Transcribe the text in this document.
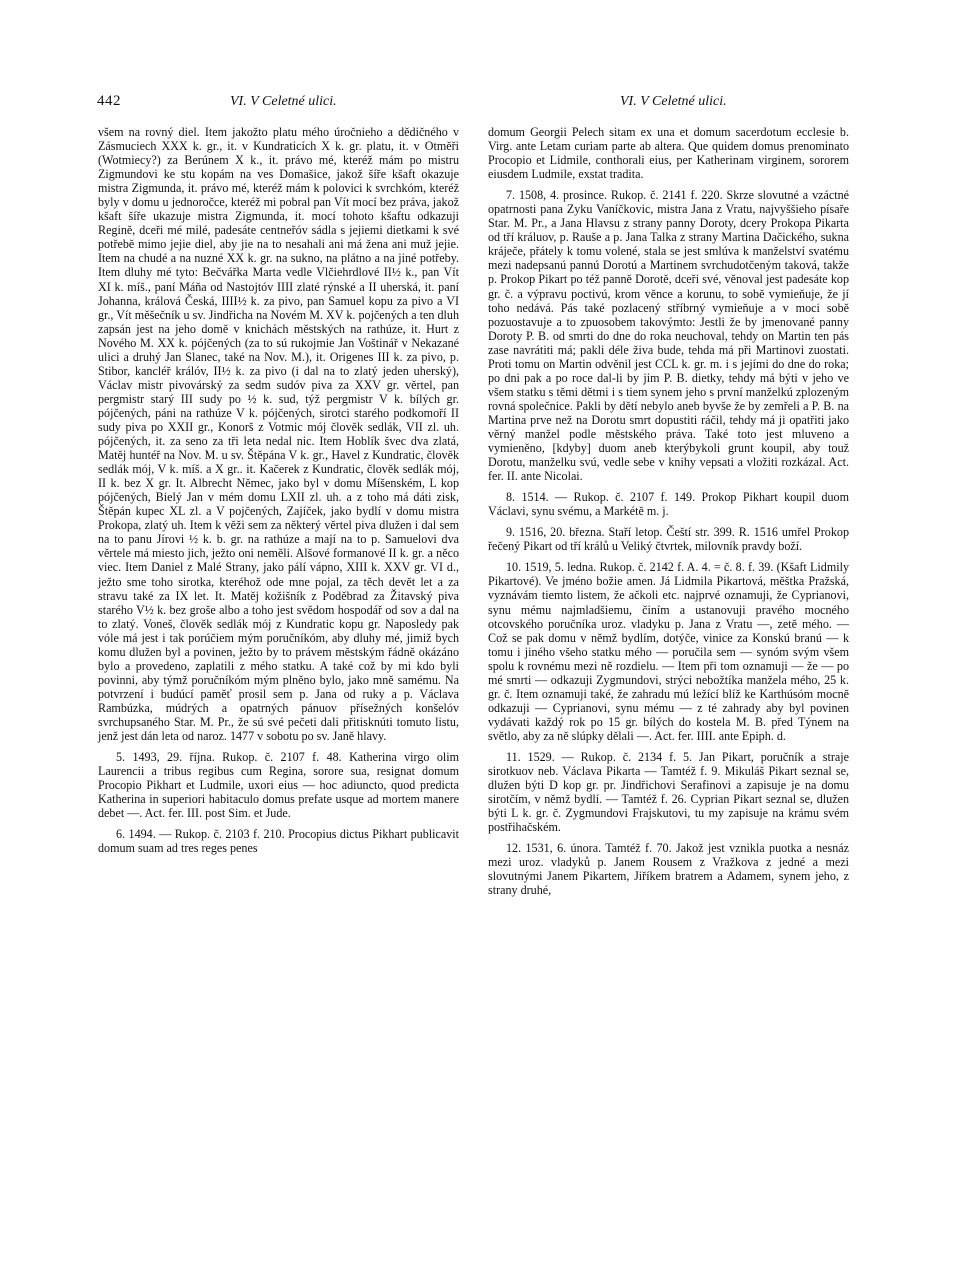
442	VI. V Celetné ulici.	VI. V Celetné ulici.

všem na rovný diel. Item jakožto platu mého úročnieho a dědičného v Zásmuciech XXX k. gr., it. v Kundraticích X k. gr. platu, it. v Otměři (Wotmiecy?) za Berúnem X k., it. právo mé, kteréž mám po mistru Zigmundovi ke stu kopám na ves Domašice, jakož šíře kšaft okazuje mistra Zigmunda, it. právo mé, kteréž mám k polovici k svrchkóm, kteréž byly v domu u jednoročce, kteréž mi pobral pan Vít mocí bez práva, jakož kšaft šíře ukazuje mistra Zigmunda, it. mocí tohoto kšaftu odkazuji Regině, dceři mé milé, padesáte centneřóv sádla s jejiemi dietkami k své potřebě mimo jejie diel, aby jie na to nesahali ani má žena ani muž jejie. Item na chudé a na nuzné XX k. gr. na sukno, na plátno a na jiné potřeby. Item dluhy mé tyto: Bečvářka Marta vedle Vlčiehrdlové II½ k., pan Vít XI k. míš., paní Máňa od Nastojtóv IIII zlaté rýnské a II uherská, it. paní Johanna, králová Česká, IIII½ k. za pivo, pan Samuel kopu za pivo a VI gr., Vít měšečník u sv. Jindřicha na Novém M. XV k. pojčených a ten dluh zapsán jest na jeho domě v knichách městských na rathúze, it. Hurt z Nového M. XX k. pójčených (za to sú rukojmie Jan Voštinář v Nekazané ulici a druhý Jan Slanec, také na Nov. M.), it. Origenes III k. za pivo, p. Stibor, kancléř králóv, II½ k. za pivo (i dal na to zlatý jeden uherský), Václav mistr pivovárský za sedm sudóv piva za XXV gr. věrtel, pan pergmistr starý III sudy po ½ k. sud, týž pergmistr V k. bílých gr. pójčených, páni na rathúze V k. pójčených, sirotci starého podkomoří II sudy piva po XXII gr., Konorš z Votmic mój člověk sedlák, VII zl. uh. pójčených, it. za seno za tři leta nedal nic. Item Hoblík švec dva zlatá, Matěj huntéř na Nov. M. u sv. Štěpána V k. gr., Havel z Kundratic, člověk sedlák mój, V k. míš. a X gr.. it. Kačerek z Kundratic, člověk sedlák mój, II k. bez X gr. It. Albrecht Němec, jako byl v domu Míšenském, L kop pójčených, Bielý Jan v mém domu LXII zl. uh. a z toho má dáti zisk, Štěpán kupec XL zl. a V pojčených, Zajíček, jako bydlí v domu mistra Prokopa, zlatý uh. Item k věži sem za některý věrtel piva dlužen i dal sem na to panu Jírovi ½ k. b. gr. na rathúze a mají na to p. Samuelovi dva věrtele má miesto jich, ježto oni neměli. Alšové formanové II k. gr. a něco viec. Item Daniel z Malé Strany, jako pálí vápno, XIII k. XXV gr. VI d., ježto sme toho sirotka, kteréhož ode mne pojal, za těch devět let a za stravu také za IX let. It. Matěj kožišník z Poděbrad za Žitavský piva starého V½ k. bez groše albo a toho jest svědom hospodář od sov a dal na to zlatý. Voneš, člověk sedlák mój z Kundratic kopu gr. Naposledy pak vóle má jest i tak porúčiem mým poručníkóm, aby dluhy mé, jimiž bych komu dlužen byl a povinen, ježto by to právem městským řádně okázáno bylo a provedeno, zaplatili z mého statku. A také což by mi kdo byli povinni, aby týmž poručníkóm mým plněno bylo, jako mně samému. Na potvrzení i budúcí paměť prosil sem p. Jana od ruky a p. Václava Rambúzka, múdrých a opatrných pánuov přísežných konšelóv svrchupsaného Star. M. Pr., že sú své pečeti dali přitisknúti tomuto listu, jenž jest dán leta od naroz. 1477 v sobotu po sv. Janě hlavy.

5. 1493, 29. října. Rukop. č. 2107 f. 48. Katherina virgo olim Laurencii a tribus regibus cum Regina, sorore sua, resignat domum Procopio Pikhart et Ludmile, uxori eius — hoc adiuncto, quod predicta Katherina in superiori habitaculo domus prefate usque ad mortem manere debet —. Act. fer. III. post Sim. et Jude.

6. 1494. — Rukop. č. 2103 f. 210. Procopius dictus Pikhart publicavit domum suam ad tres reges penes

domum Georgii Pelech sitam ex una et domum sacerdotum ecclesie b. Virg. ante Letam curiam parte ab altera. Que quidem domus prenominato Procopio et Lidmile, conthorali eius, per Katherinam virginem, sororem eiusdem Ludmile, exstat tradita.

7. 1508, 4. prosince. Rukop. č. 2141 f. 220. Skrze slovutné a vzáctné opatrnosti pana Zyku Vaníčkovic, mistra Jana z Vratu, najvyššieho písaře Star. M. Pr., a Jana Hlavsu z strany panny Doroty, dcery Prokopa Pikarta od tří králuov, p. Rauše a p. Jana Talka z strany Martina Dačického, sukna kráječe, přátely k tomu volené, stala se jest smlúva k manželství svatému mezi nadepsanú pannú Dorotú a Martinem svrchudotčeným taková, takže p. Prokop Pikart po též panně Dorotě, dceři své, věnoval jest padesáte kop gr. č. a výpravu poctivú, krom věnce a korunu, to sobě vymieňuje, že jí toho nedává. Pás také pozlacený stříbrný vymieňuje a v moci sobě pozuostavuje a to zpuosobem takovýmto: Jestli že by jmenované panny Doroty P. B. od smrti do dne do roka neuchoval, tehdy on Martin ten pás zase navrátiti má; pakli déle živa bude, tehda má při Martinovi zuostati. Proti tomu on Martin odvěnil jest CCL k. gr. m. i s jejími do dne do roka; po dni pak a po roce dal-li by jim P. B. dietky, tehdy má býti v jeho ve všem statku s těmi dětmi i s tiem synem jeho s první manželkú zplozeným rovná společnice. Pakli by dětí nebylo aneb byvše že by zemřeli a P. B. na Martina prve než na Dorotu smrt dopustiti ráčil, tehdy má ji opatřiti jako věrný manžel podle městského práva. Také toto jest mluveno a vymieněno, [kdyby] duom aneb kterýbykoli grunt koupil, aby touž Dorotu, manželku svú, vedle sebe v knihy vepsati a vložiti rozkázal. Act. fer. II. ante Nicolai.

8. 1514. — Rukop. č. 2107 f. 149. Prokop Pikhart koupil duom Václavi, synu svému, a Markétě m. j.

9. 1516, 20. března. Staří letop. Čeští str. 399. R. 1516 umřel Prokop řečený Pikart od tří králů u Veliký čtvrtek, milovník pravdy boží.

10. 1519, 5. ledna. Rukop. č. 2142 f. A. 4. = č. 8. f. 39. (Kšaft Lidmily Pikartové). Ve jméno božie amen. Já Lidmila Pikartová, měštka Pražská, vyznávám tiemto listem, že ačkoli etc. najprvé oznamuji, že Cyprianovi, synu mému najmladšiemu, činím a ustanovuji pravého mocného otcovského poručníka uroz. vladyku p. Jana z Vratu —, zetě mého. — Což se pak domu v němž bydlím, dotýče, vinice za Konskú branú — k tomu i jiného všeho statku mého — poručila sem — synóm svým všem spolu k rovnému mezi ně rozdielu. — Item při tom oznamuji — že — po mé smrti — odkazuji Zygmundovi, strýci nebožtíka manžela mého, 25 k. gr. č. Item oznamuji také, že zahradu mú ležící blíž ke Karthúsóm mocně odkazuji — Cyprianovi, synu mému — z té zahrady aby byl povinen vydávati každý rok po 15 gr. bílých do kostela M. B. před Týnem na světlo, aby za ně slúpky dělali —. Act. fer. IIII. ante Epiph. d.

11. 1529. — Rukop. č. 2134 f. 5. Jan Pikart, poručník a straje sirotkuov neb. Václava Pikarta — Tamtéž f. 9. Mikuláš Pikart seznal se, dlužen býti D kop gr. pr. Jindřichovi Serafinovi a zapisuje je na domu sirotčím, v němž bydlí. — Tamtéž f. 26. Cyprian Pikart seznal se, dlužen býti L k. gr. č. Zygmundovi Frajskutovi, tu my zapisuje na krámu svém postřihačském.

12. 1531, 6. února. Tamtéž f. 70. Jakož jest vznikla puotka a nesnáz mezi uroz. vladyků p. Janem Rousem z Vražkova z jedné a mezi slovutnými Janem Pikartem, Jiříkem bratrem a Adamem, synem jeho, z strany druhé,
